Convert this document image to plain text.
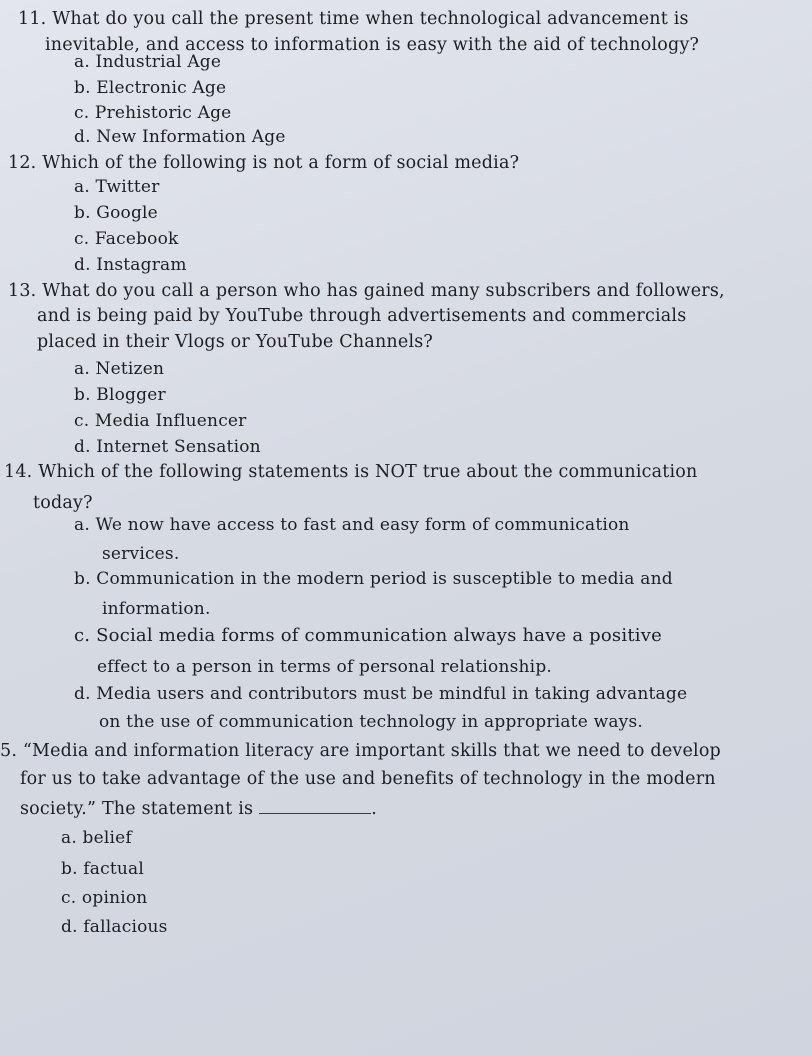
11. What do you call the present time when technological advancement is
inevitable, and access to information is easy with the aid of technology?
a. Industrial Age
b. Electronic Age
c. Prehistoric Age
d. New Information Age
12. Which of the following is not a form of social media?
a. Twitter
b. Google
c. Facebook
d. Instagram
13. What do you call a person who has gained many subscribers and followers,
and is being paid by YouTube through advertisements and commercials
placed in their Vlogs or YouTube Channels?
a. Netizen
b. Blogger
c. Media Influencer
d. Internet Sensation
14. Which of the following statements is NOT true about the communication
today?
a. We now have access to fast and easy form of communication
services.
b. Communication in the modern period is susceptible to media and
information.
c. Social media forms of communication always have a positive
effect to a person in terms of personal relationship.
d. Media users and contributors must be mindful in taking advantage
on the use of communication technology in appropriate ways.
5. “Media and information literacy are important skills that we need to develop
for us to take advantage of the use and benefits of technology in the modern
society.” The statement is	.
a. belief
b. factual
c. opinion
d. fallacious
